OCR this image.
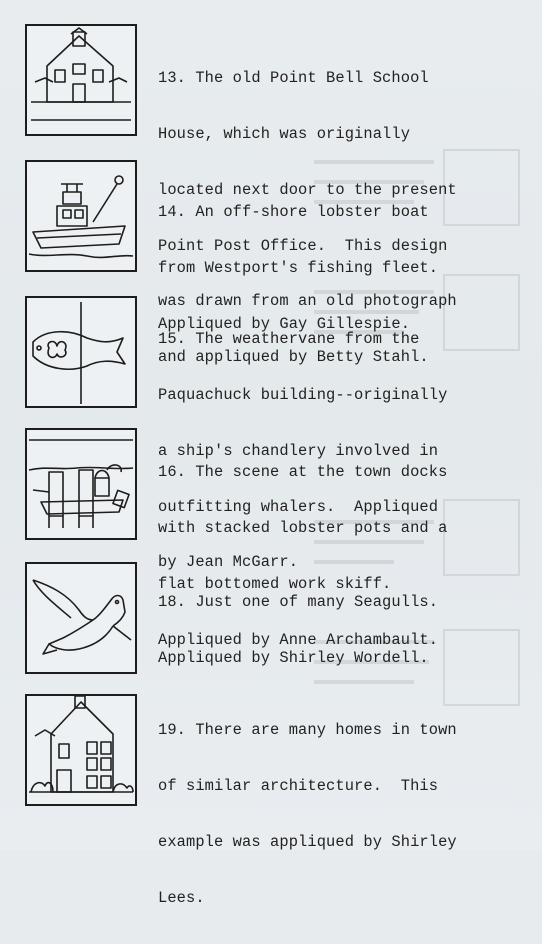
13. The old Point Bell School

House, which was originally

located next door to the present

Point Post Office.  This design

was drawn from an old photograph

and appliqued by Betty Stahl.

14. An off-shore lobster boat

from Westport's fishing fleet.

Appliqued by Gay Gillespie.

15. The weathervane from the

Paquachuck building--originally

a ship's chandlery involved in

outfitting whalers.  Appliqued

by Jean McGarr.

16. The scene at the town docks

with stacked lobster pots and a

flat bottomed work skiff.

Appliqued by Anne Archambault.

18. Just one of many Seagulls.

Appliqued by Shirley Wordell.

19. There are many homes in town

of similar architecture.  This

example was appliqued by Shirley

Lees.
